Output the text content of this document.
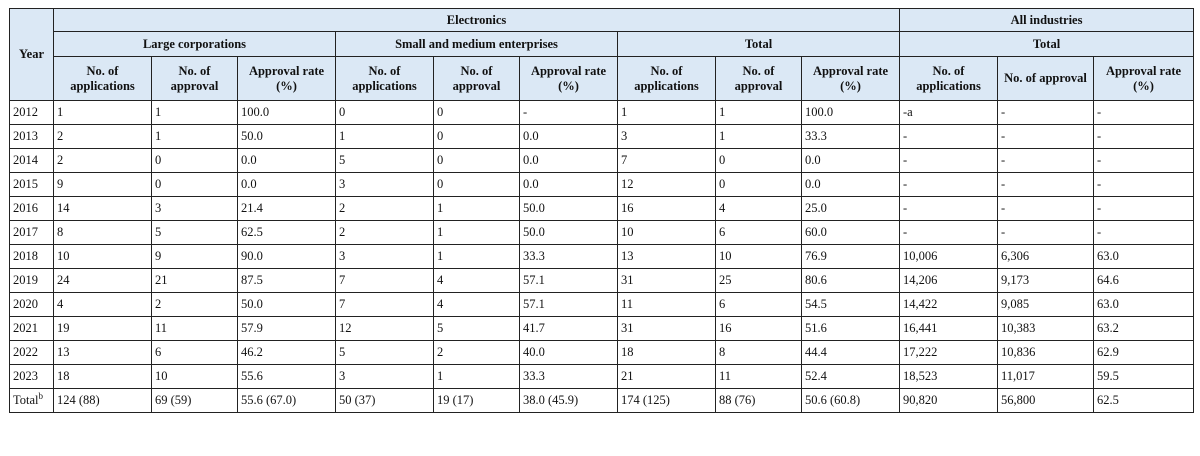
Year	Electronics									All industries		
	Large corporations			Small and medium enterprises			Total			Total		
	No. of applications	No. of approval	Approval rate (%)	No. of applications	No. of approval	Approval rate (%)	No. of applications	No. of approval	Approval rate (%)	No. of applications	No. of approval	Approval rate (%)
2012	1	1	100.0	0	0	-	1	1	100.0	-a	-	-
2013	2	1	50.0	1	0	0.0	3	1	33.3	-	-	-
2014	2	0	0.0	5	0	0.0	7	0	0.0	-	-	-
2015	9	0	0.0	3	0	0.0	12	0	0.0	-	-	-
2016	14	3	21.4	2	1	50.0	16	4	25.0	-	-	-
2017	8	5	62.5	2	1	50.0	10	6	60.0	-	-	-
2018	10	9	90.0	3	1	33.3	13	10	76.9	10,006	6,306	63.0
2019	24	21	87.5	7	4	57.1	31	25	80.6	14,206	9,173	64.6
2020	4	2	50.0	7	4	57.1	11	6	54.5	14,422	9,085	63.0
2021	19	11	57.9	12	5	41.7	31	16	51.6	16,441	10,383	63.2
2022	13	6	46.2	5	2	40.0	18	8	44.4	17,222	10,836	62.9
2023	18	10	55.6	3	1	33.3	21	11	52.4	18,523	11,017	59.5
Total$^b$	124 (88)	69 (59)	55.6 (67.0)	50 (37)	19 (17)	38.0 (45.9)	174 (125)	88 (76)	50.6 (60.8)	90,820	56,800	62.5
